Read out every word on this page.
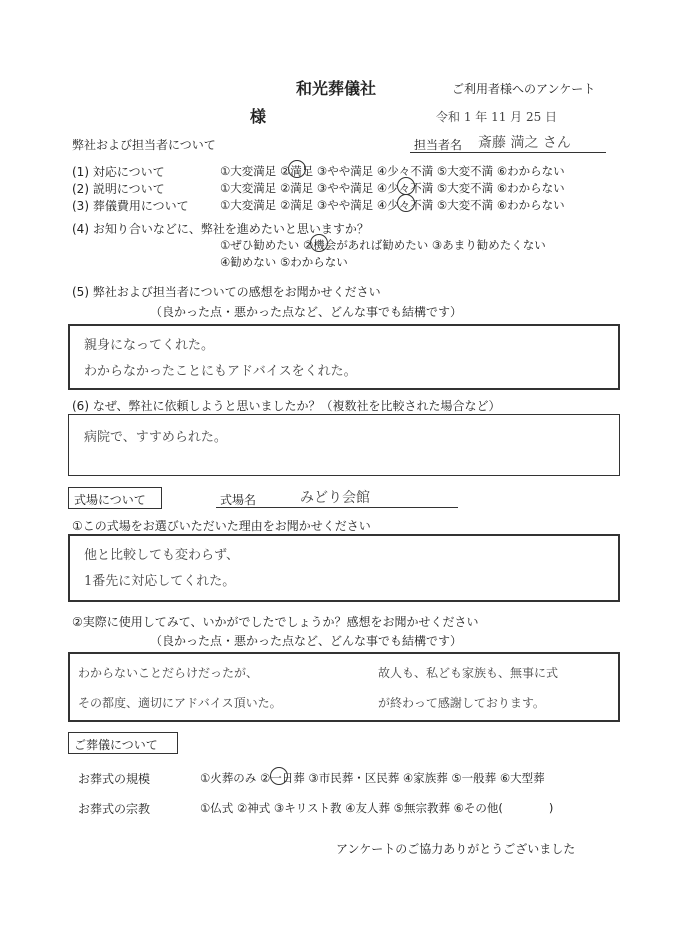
和光葬儀社	ご利用者様へのアンケート
様	令和 1 年 11 月 25 日
弊社および担当者について	担当者名 斎藤 満之 さん
(1) 対応について	①大変満足 ②満足 ③やや満足 ④少々不満 ⑤大変不満 ⑥わからない
(2) 説明について	①大変満足 ②満足 ③やや満足 ④少々不満 ⑤大変不満 ⑥わからない
(3) 葬儀費用について	①大変満足 ②満足 ③やや満足 ④少々不満 ⑤大変不満 ⑥わからない
(4) お知り合いなどに、弊社を進めたいと思いますか？
①ぜひ勧めたい ②機会があれば勧めたい ③あまり勧めたくない
④勧めない ⑤わからない
(5) 弊社および担当者についての感想をお聞かせください
（良かった点・悪かった点など、どんな事でも結構です）
親身になってくれた。
わからなかったことにもアドバイスをくれた。
(6) なぜ、弊社に依頼しようと思いましたか？（複数社を比較された場合など）
病院で、すすめられた。
式場について	式場名	みどり会館
①この式場をお選びいただいた理由をお聞かせください
他と比較しても変わらず、
1番先に対応してくれた。
②実際に使用してみて、いかがでしたでしょうか？感想をお聞かせください
（良かった点・悪かった点など、どんな事でも結構です）
わからないことだらけだったが、
その都度、適切にアドバイス頂いた。
故人も、私ども家族も、無事に式
が終わって感謝しております。
ご葬儀について
お葬式の規模	①火葬のみ ②一日葬 ③市民葬・区民葬 ④家族葬 ⑤一般葬 ⑥大型葬
お葬式の宗教	①仏式 ②神式 ③キリスト教 ④友人葬 ⑤無宗教葬 ⑥その他(　　　　)
アンケートのご協力ありがとうございました
